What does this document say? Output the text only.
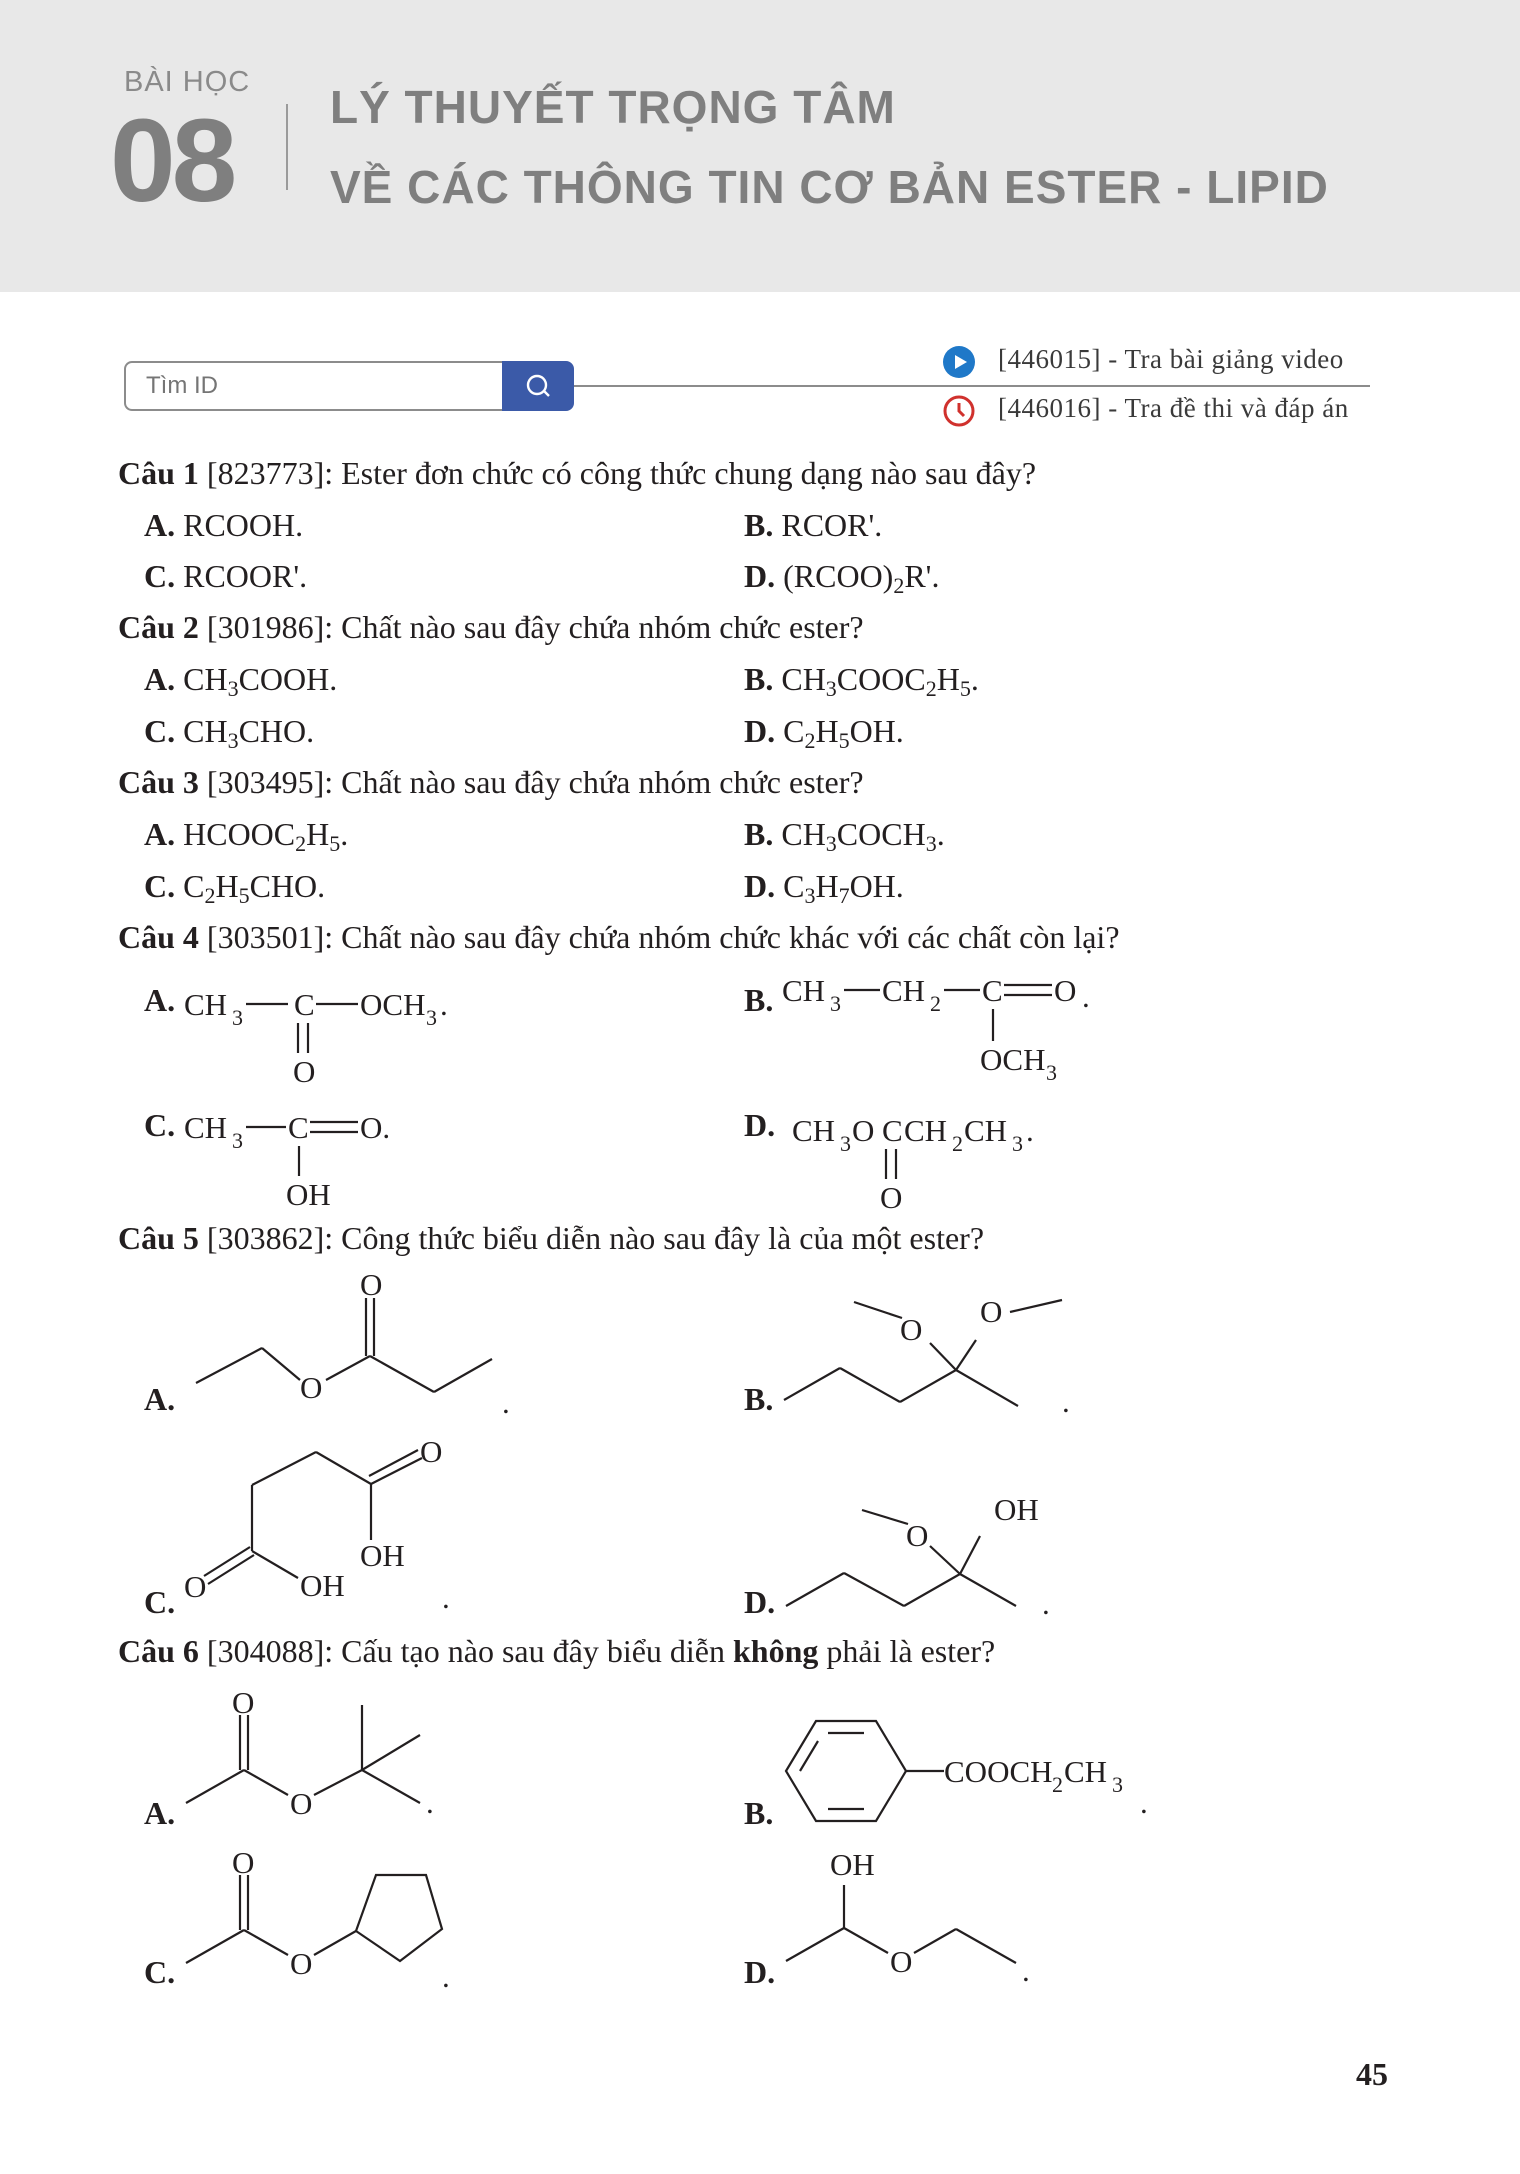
BÀI HỌC
08 LÝ THUYẾT TRỌNG TÂM
VỀ CÁC THÔNG TIN CƠ BẢN ESTER - LIPID
Tìm ID
[446015] - Tra bài giảng video
[446016] - Tra đề thi và đáp án
Câu 1 [823773]: Ester đơn chức có công thức chung dạng nào sau đây?
A. RCOOH.	B. RCOR'.
C. RCOOR'.	D. $(RCOO)_2R'$.
Câu 2 [301986]: Chất nào sau đây chứa nhóm chức ester?
A. $CH_3COOH$.	B. $CH_3COOC_2H_5$.
C. $CH_3CHO$.	D. $C_2H_5OH$.
Câu 3 [303495]: Chất nào sau đây chứa nhóm chức ester?
A. $HCOOC_2H_5$.	B. $CH_3COCH_3$.
C. $C_2H_5CHO$.	D. $C_3H_7OH$.
Câu 4 [303501]: Chất nào sau đây chứa nhóm chức khác với các chất còn lại?
A. CH 3 C OCH 3 .
O
B. CH 3 CH 2 C O .
OCH 3
C. CH 3 C O.
OH
D. CH 3 O C CH 2 CH 3 .
O
Câu 5 [303862]: Công thức biểu diễn nào sau đây là của một ester?
A.	O
O
.	B.
O
O
.
C. O	OH
O
OH
.	D.
O
OH
.
Câu 6 [304088]: Cấu tạo nào sau đây biểu diễn không phải là ester?
A.
O
O	.	B.
COOCH 2 CH 3
.
C.
O
O	.	D.
OH
O	.
45
